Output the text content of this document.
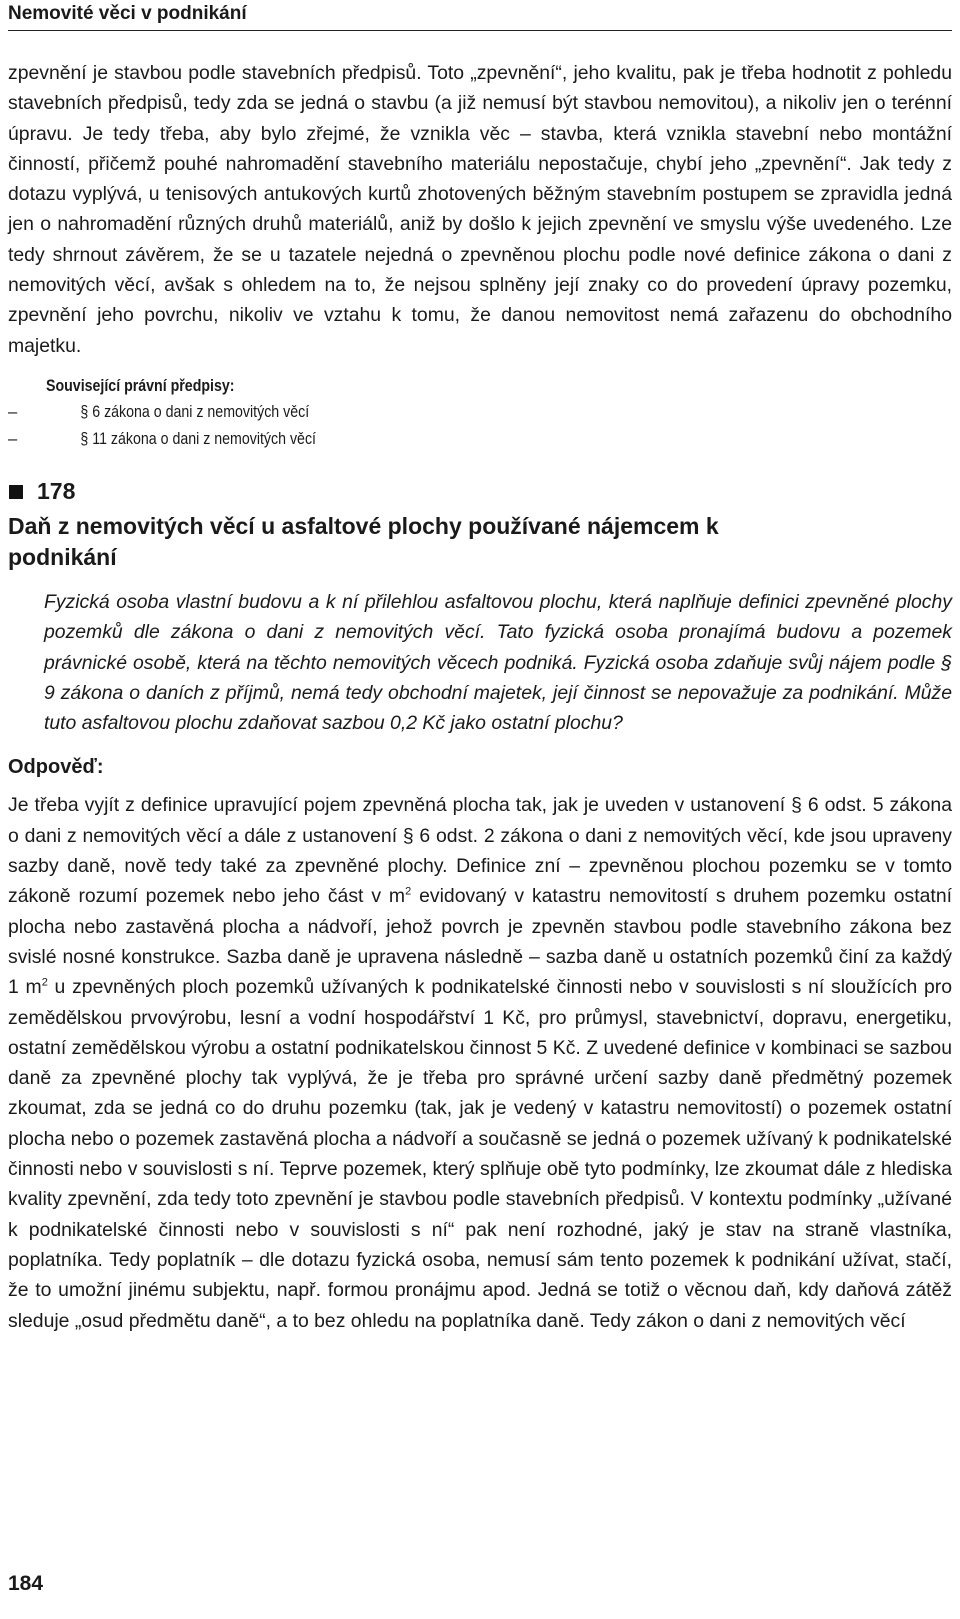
Nemovité věci v podnikání

zpevnění je stavbou podle stavebních předpisů. Toto „zpevnění“, jeho kvalitu, pak je třeba hodnotit z pohledu stavebních předpisů, tedy zda se jedná o stavbu (a již nemusí být stavbou nemovitou), a nikoliv jen o terénní úpravu. Je tedy třeba, aby bylo zřejmé, že vznikla věc – stavba, která vznikla stavební nebo montážní činností, přičemž pouhé nahromadění stavebního materiálu nepostačuje, chybí jeho „zpevnění“. Jak tedy z dotazu vyplývá, u tenisových antukových kurtů zhotovených běžným stavebním postupem se zpravidla jedná jen o nahromadění různých druhů materiálů, aniž by došlo k jejich zpevnění ve smyslu výše uvedeného. Lze tedy shrnout závěrem, že se u tazatele nejedná o zpevněnou plochu podle nové definice zákona o dani z nemovitých věcí, avšak s ohledem na to, že nejsou splněny její znaky co do provedení úpravy pozemku, zpevnění jeho povrchu, nikoliv ve vztahu k tomu, že danou nemovitost nemá zařazenu do obchodního majetku.

Související právní předpisy:
–	§ 6 zákona o dani z nemovitých věcí
–	§ 11 zákona o dani z nemovitých věcí
178
Daň z nemovitých věcí u asfaltové plochy používané nájemcem k podnikání

Fyzická osoba vlastní budovu a k ní přilehlou asfaltovou plochu, která naplňuje definici zpevněné plochy pozemků dle zákona o dani z nemovitých věcí. Tato fyzická osoba pronajímá budovu a pozemek právnické osobě, která na těchto nemovitých věcech podniká. Fyzická osoba zdaňuje svůj nájem podle § 9 zákona o daních z příjmů, nemá tedy obchodní majetek, její činnost se nepovažuje za podnikání. Může tuto asfaltovou plochu zdaňovat sazbou 0,2 Kč jako ostatní plochu?

Odpověď:

Je třeba vyjít z definice upravující pojem zpevněná plocha tak, jak je uveden v ustanovení § 6 odst. 5 zákona o dani z nemovitých věcí a dále z ustanovení § 6 odst. 2 zákona o dani z nemovitých věcí, kde jsou upraveny sazby daně, nově tedy také za zpevněné plochy. Definice zní – zpevněnou plochou pozemku se v tomto zákoně rozumí pozemek nebo jeho část v $m^2$ evidovaný v katastru nemovitostí s druhem pozemku ostatní plocha nebo zastavěná plocha a nádvoří, jehož povrch je zpevněn stavbou podle stavebního zákona bez svislé nosné konstrukce. Sazba daně je upravena následně – sazba daně u ostatních pozemků činí za každý 1 $m^2$ u zpevněných ploch pozemků užívaných k podnikatelské činnosti nebo v souvislosti s ní sloužících pro zemědělskou prvovýrobu, lesní a vodní hospodářství 1 Kč, pro průmysl, stavebnictví, dopravu, energetiku, ostatní zemědělskou výrobu a ostatní podnikatelskou činnost 5 Kč. Z uvedené definice v kombinaci se sazbou daně za zpevněné plochy tak vyplývá, že je třeba pro správné určení sazby daně předmětný pozemek zkoumat, zda se jedná co do druhu pozemku (tak, jak je vedený v katastru nemovitostí) o pozemek ostatní plocha nebo o pozemek zastavěná plocha a nádvoří a současně se jedná o pozemek užívaný k podnikatelské činnosti nebo v souvislosti s ní. Teprve pozemek, který splňuje obě tyto podmínky, lze zkoumat dále z hlediska kvality zpevnění, zda tedy toto zpevnění je stavbou podle stavebních předpisů. V kontextu podmínky „užívané k podnikatelské činnosti nebo v souvislosti s ní“ pak není rozhodné, jaký je stav na straně vlastníka, poplatníka. Tedy poplatník – dle dotazu fyzická osoba, nemusí sám tento pozemek k podnikání užívat, stačí, že to umožní jinému subjektu, např. formou pronájmu apod. Jedná se totiž o věcnou daň, kdy daňová zátěž sleduje „osud předmětu daně“, a to bez ohledu na poplatníka daně. Tedy zákon o dani z nemovitých věcí

184
